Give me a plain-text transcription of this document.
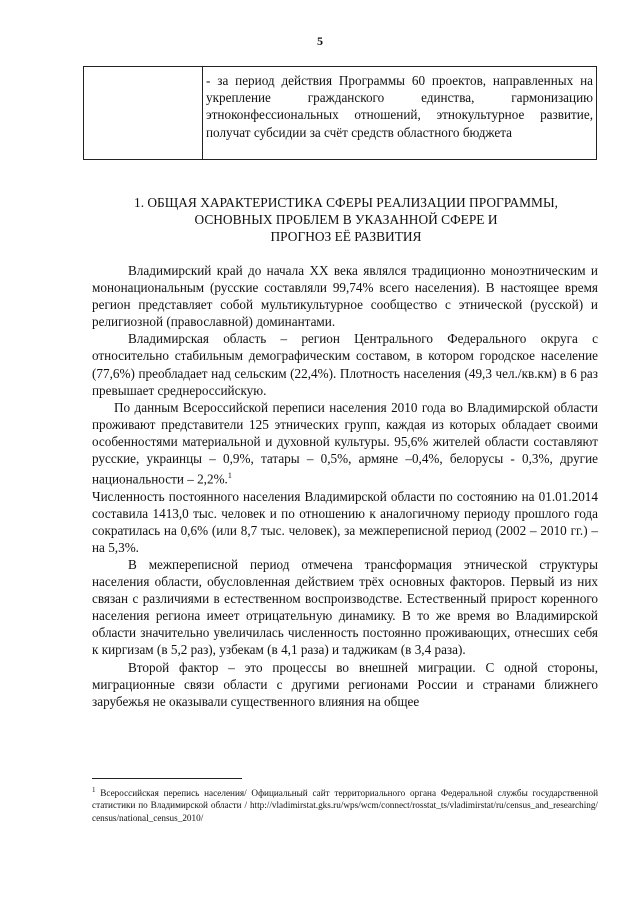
5
- за период действия Программы 60 проектов, направленных на укрепление гражданского единства, гармонизацию этноконфессиональных отношений, этнокультурное развитие, получат субсидии за счёт средств областного бюджета
1. ОБЩАЯ ХАРАКТЕРИСТИКА СФЕРЫ РЕАЛИЗАЦИИ ПРОГРАММЫ,
ОСНОВНЫХ ПРОБЛЕМ В УКАЗАННОЙ СФЕРЕ И
ПРОГНОЗ ЕЁ РАЗВИТИЯ

Владимирский край до начала XX века являлся традиционно моноэтническим и мононациональным (русские составляли 99,74% всего населения). В настоящее время регион представляет собой мультикультурное сообщество с этнической (русской) и религиозной (православной) доминантами.

Владимирская область – регион Центрального Федерального округа с относительно стабильным демографическим составом, в котором городское население (77,6%) преобладает над сельским (22,4%). Плотность населения (49,3 чел./кв.км) в 6 раз превышает среднероссийскую.

По данным Всероссийской переписи населения 2010 года во Владимирской области проживают представители 125 этнических групп, каждая из которых обладает своими особенностями материальной и духовной культуры. 95,6% жителей области составляют русские, украинцы – 0,9%, татары – 0,5%, армяне –0,4%, белорусы - 0,3%, другие национальности – 2,2%.$^1$

Численность постоянного населения Владимирской области по состоянию на 01.01.2014 составила 1413,0 тыс. человек и по отношению к аналогичному периоду прошлого года сократилась на 0,6% (или 8,7 тыс. человек), за межпереписной период (2002 – 2010 гг.) – на 5,3%.

В межпереписной период отмечена трансформация этнической структуры населения области, обусловленная действием трёх основных факторов. Первый из них связан с различиями в естественном воспроизводстве. Естественный прирост коренного населения региона имеет отрицательную динамику. В то же время во Владимирской области значительно увеличилась численность постоянно проживающих, отнесших себя к киргизам (в 5,2 раз), узбекам (в 4,1 раза) и таджикам (в 3,4 раза).

Второй фактор – это процессы во внешней миграции. С одной стороны, миграционные связи области с другими регионами России и странами ближнего зарубежья не оказывали существенного влияния на общее

$^1$ Всероссийская перепись населения/ Официальный сайт территориального органа Федеральной службы государственной статистики по Владимирской области / http://vladimirstat.gks.ru/wps/wcm/connect/rosstat_ts/vladimirstat/ru/census_and_researching/census/national_census_2010/
